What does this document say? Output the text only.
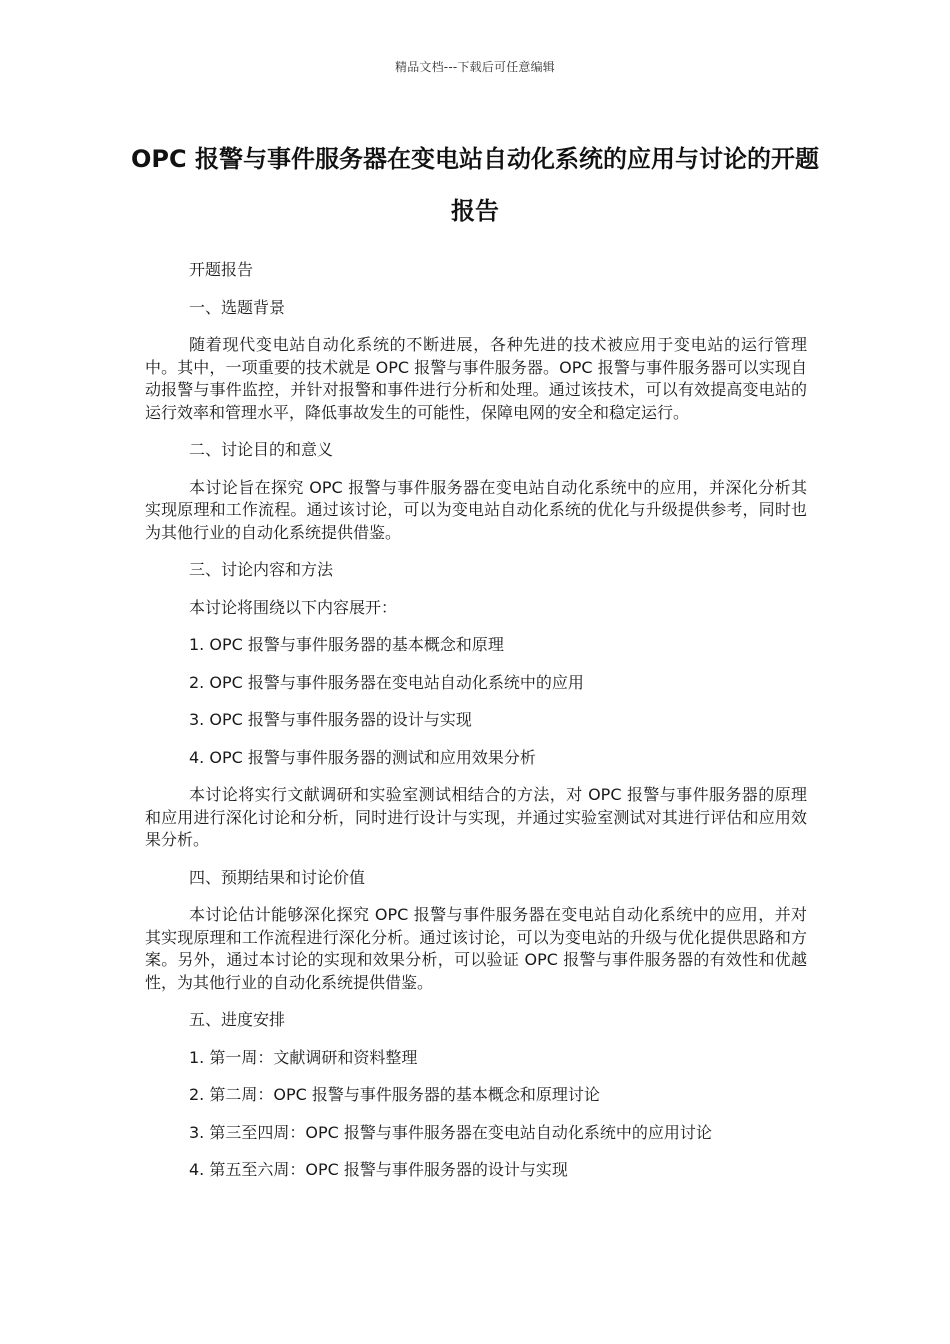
精品文档---下载后可任意编辑
OPC 报警与事件服务器在变电站自动化系统的应用与讨论的开题报告

开题报告

一、选题背景

随着现代变电站自动化系统的不断进展，各种先进的技术被应用于变电站的运行管理中。其中，一项重要的技术就是 OPC 报警与事件服务器。OPC 报警与事件服务器可以实现自动报警与事件监控，并针对报警和事件进行分析和处理。通过该技术，可以有效提高变电站的运行效率和管理水平，降低事故发生的可能性，保障电网的安全和稳定运行。

二、讨论目的和意义

本讨论旨在探究 OPC 报警与事件服务器在变电站自动化系统中的应用，并深化分析其实现原理和工作流程。通过该讨论，可以为变电站自动化系统的优化与升级提供参考，同时也为其他行业的自动化系统提供借鉴。

三、讨论内容和方法

本讨论将围绕以下内容展开：

1. OPC 报警与事件服务器的基本概念和原理

2. OPC 报警与事件服务器在变电站自动化系统中的应用

3. OPC 报警与事件服务器的设计与实现

4. OPC 报警与事件服务器的测试和应用效果分析

本讨论将实行文献调研和实验室测试相结合的方法，对 OPC 报警与事件服务器的原理和应用进行深化讨论和分析，同时进行设计与实现，并通过实验室测试对其进行评估和应用效果分析。

四、预期结果和讨论价值

本讨论估计能够深化探究 OPC 报警与事件服务器在变电站自动化系统中的应用，并对其实现原理和工作流程进行深化分析。通过该讨论，可以为变电站的升级与优化提供思路和方案。另外，通过本讨论的实现和效果分析，可以验证 OPC 报警与事件服务器的有效性和优越性，为其他行业的自动化系统提供借鉴。

五、进度安排

1. 第一周：文献调研和资料整理

2. 第二周：OPC 报警与事件服务器的基本概念和原理讨论

3. 第三至四周：OPC 报警与事件服务器在变电站自动化系统中的应用讨论

4. 第五至六周：OPC 报警与事件服务器的设计与实现
